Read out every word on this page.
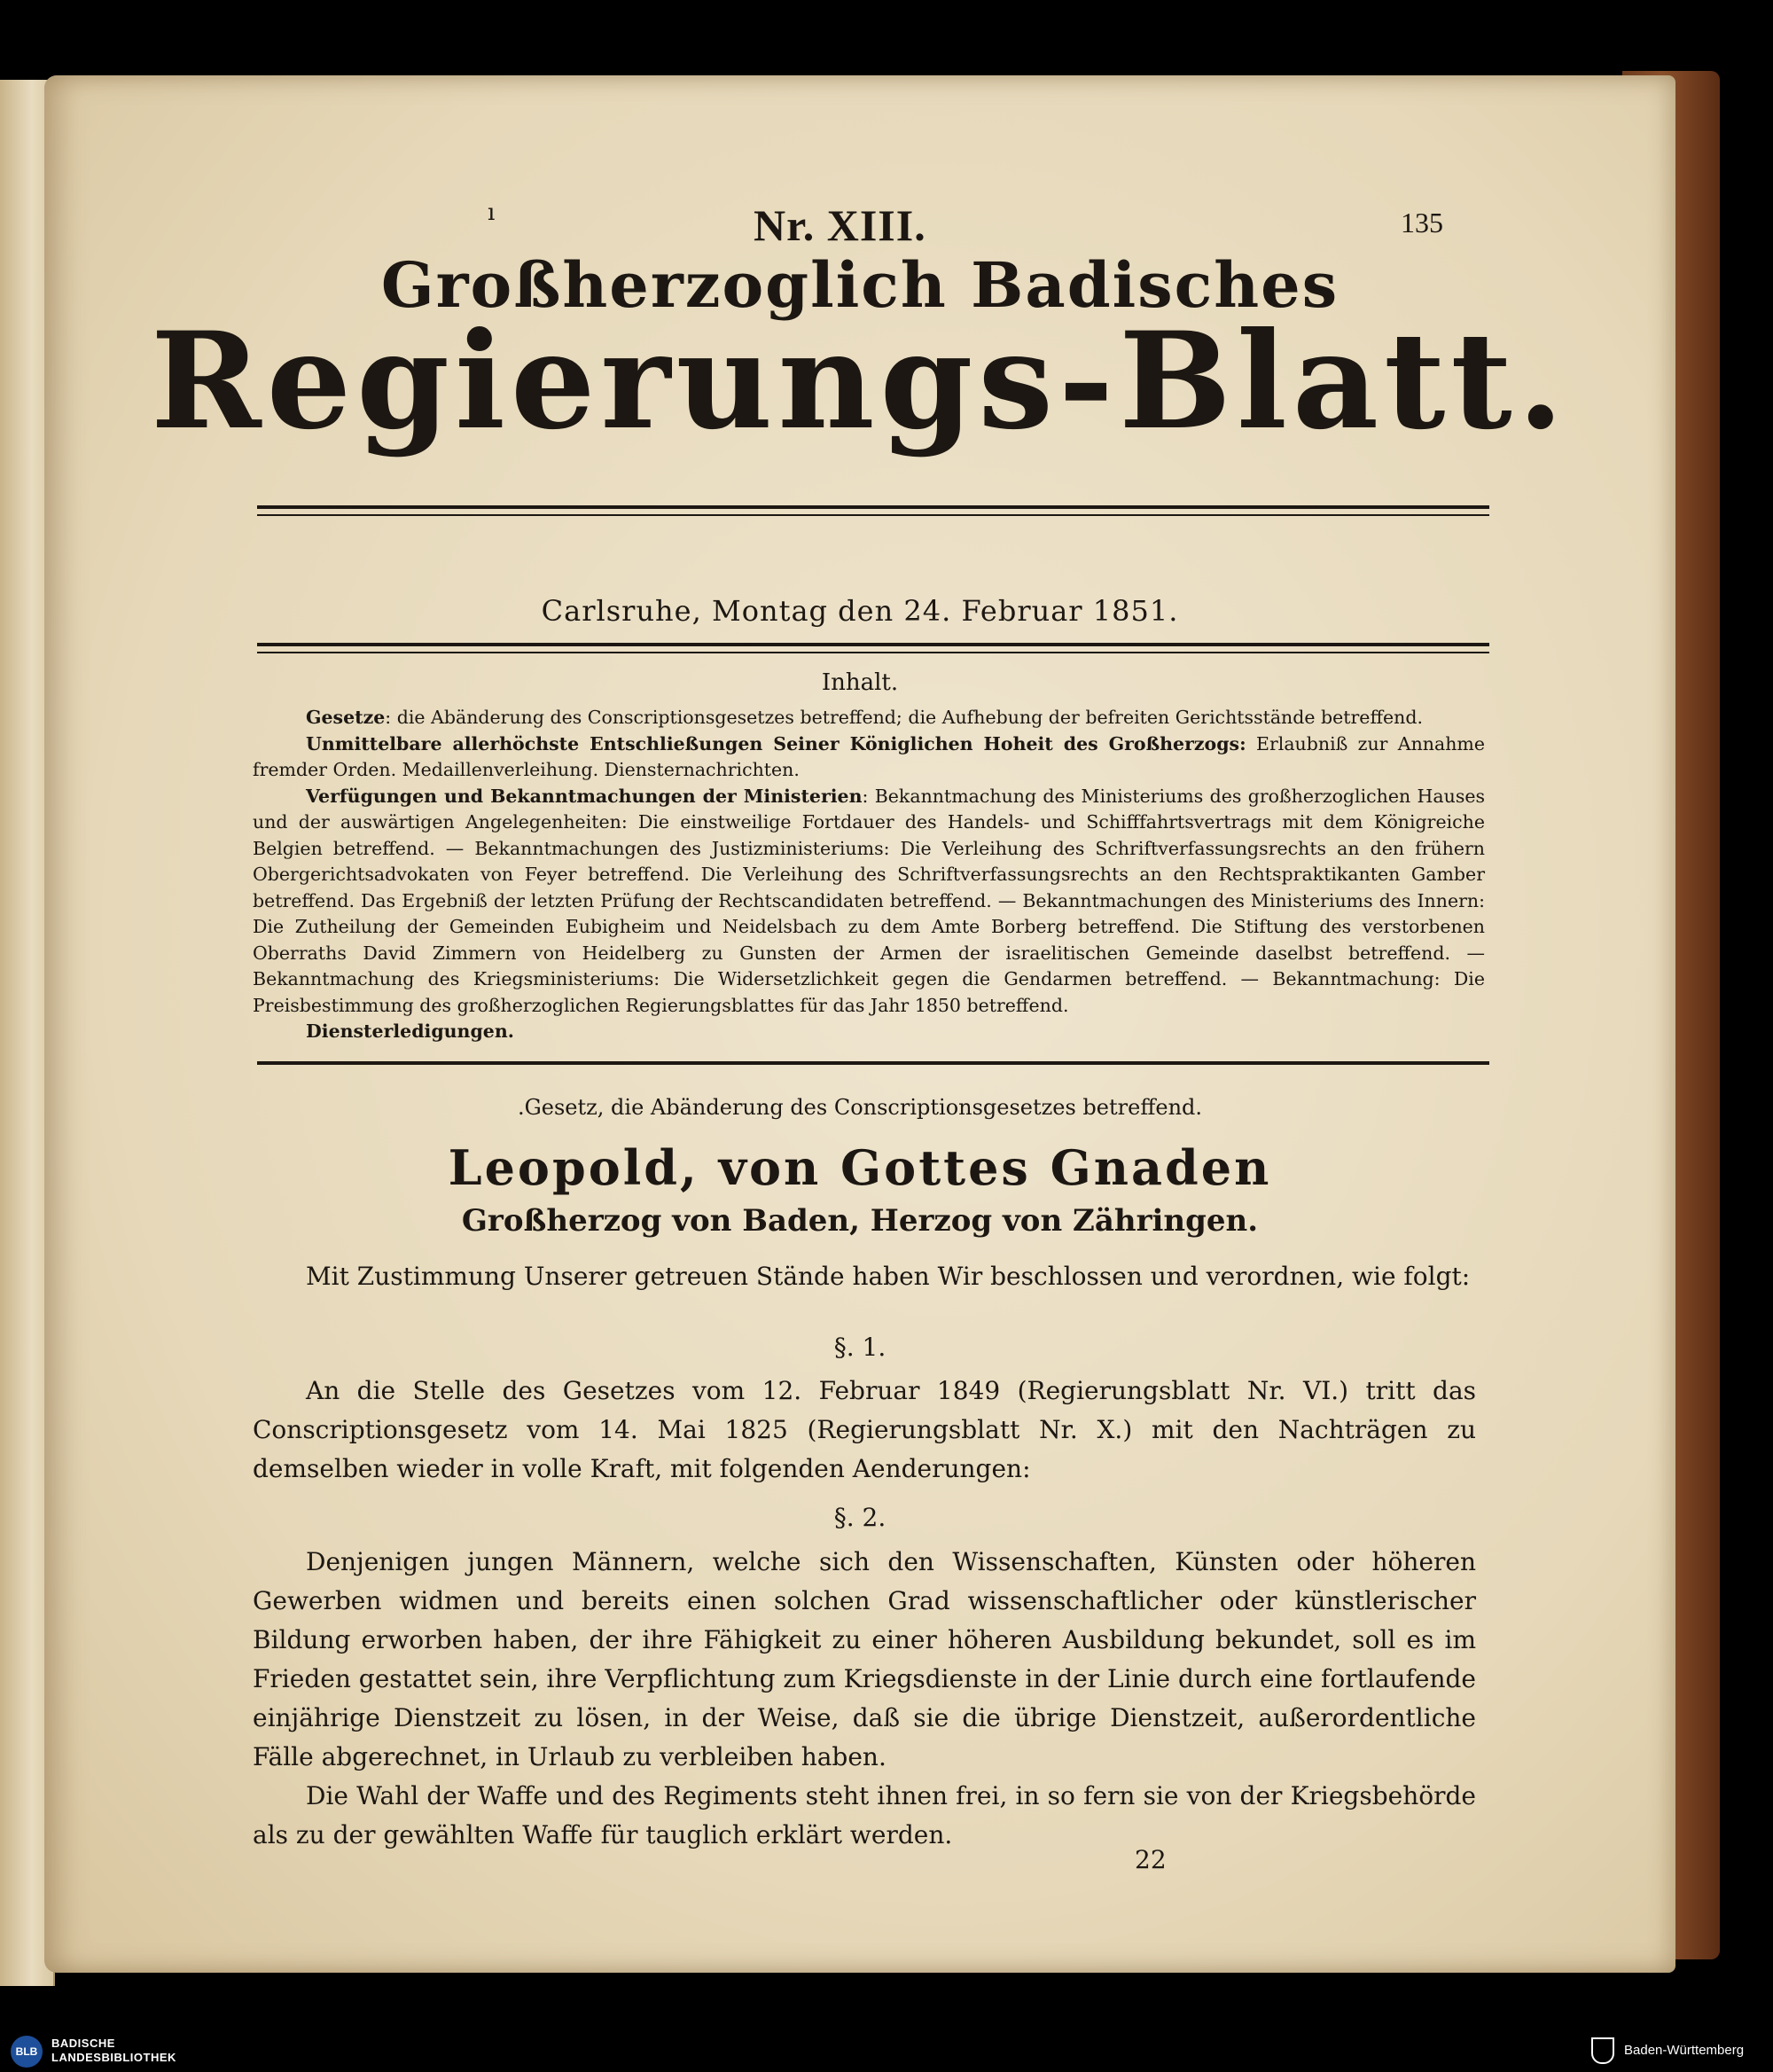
ı	Nr. XIII.	135
Großherzoglich Badisches
Regierungs-Blatt.
Carlsruhe, Montag den 24. Februar 1851.
Inhalt.

Gesetze: die Abänderung des Conscriptionsgesetzes betreffend; die Aufhebung der befreiten Gerichtsstände betreffend.

Unmittelbare allerhöchste Entschließungen Seiner Königlichen Hoheit des Großherzogs: Erlaubniß zur Annahme fremder Orden. Medaillenverleihung. Diensternachrichten.

Verfügungen und Bekanntmachungen der Ministerien: Bekanntmachung des Ministeriums des großherzoglichen Hauses und der auswärtigen Angelegenheiten: Die einstweilige Fortdauer des Handels- und Schifffahrtsvertrags mit dem Königreiche Belgien betreffend. — Bekanntmachungen des Justizministeriums: Die Verleihung des Schriftverfassungsrechts an den frühern Obergerichtsadvokaten von Feyer betreffend. Die Verleihung des Schriftverfassungsrechts an den Rechtspraktikanten Gamber betreffend. Das Ergebniß der letzten Prüfung der Rechtscandidaten betreffend. — Bekanntmachungen des Ministeriums des Innern: Die Zutheilung der Gemeinden Eubigheim und Neidelsbach zu dem Amte Borberg betreffend. Die Stiftung des verstorbenen Oberraths David Zimmern von Heidelberg zu Gunsten der Armen der israelitischen Gemeinde daselbst betreffend. — Bekanntmachung des Kriegsministeriums: Die Widersetzlichkeit gegen die Gendarmen betreffend. — Bekanntmachung: Die Preisbestimmung des großherzoglichen Regierungsblattes für das Jahr 1850 betreffend.

Diensterledigungen.

.Gesetz, die Abänderung des Conscriptionsgesetzes betreffend.
Leopold, von Gottes Gnaden
Großherzog von Baden, Herzog von Zähringen.

Mit Zustimmung Unserer getreuen Stände haben Wir beschlossen und verordnen, wie folgt:

§. 1.

An die Stelle des Gesetzes vom 12. Februar 1849 (Regierungsblatt Nr. VI.) tritt das Conscriptionsgesetz vom 14. Mai 1825 (Regierungsblatt Nr. X.) mit den Nachträgen zu demselben wieder in volle Kraft, mit folgenden Aenderungen:

§. 2.

Denjenigen jungen Männern, welche sich den Wissenschaften, Künsten oder höheren Gewerben widmen und bereits einen solchen Grad wissenschaftlicher oder künstlerischer Bildung erworben haben, der ihre Fähigkeit zu einer höheren Ausbildung bekundet, soll es im Frieden gestattet sein, ihre Verpflichtung zum Kriegsdienste in der Linie durch eine fortlaufende einjährige Dienstzeit zu lösen, in der Weise, daß sie die übrige Dienstzeit, außerordentliche Fälle abgerechnet, in Urlaub zu verbleiben haben.

Die Wahl der Waffe und des Regiments steht ihnen frei, in so fern sie von der Kriegsbehörde als zu der gewählten Waffe für tauglich erklärt werden.

22
BLB
BADISCHE
LANDESBIBLIOTHEK	Baden-Württemberg
